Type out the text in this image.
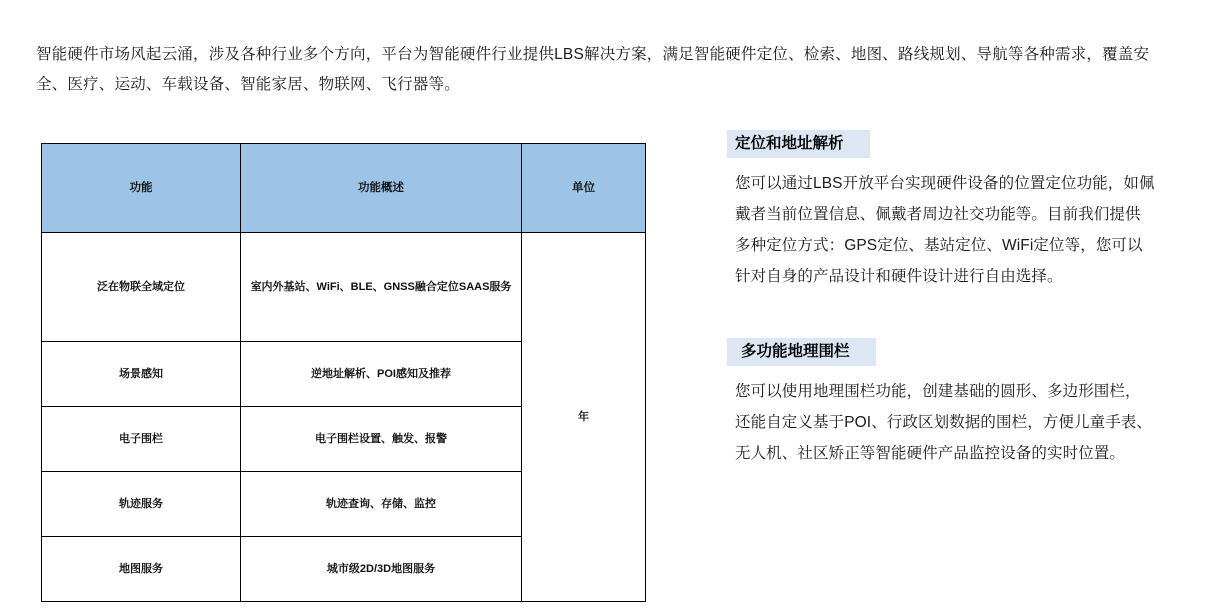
智能硬件市场风起云涌，涉及各种行业多个方向，平台为智能硬件行业提供LBS解决方案，满足智能硬件定位、检索、地图、路线规划、导航等各种需求，覆盖安全、医疗、运动、车载设备、智能家居、物联网、飞行器等。

功能	功能概述	单位
泛在物联全域定位	室内外基站、WiFi、BLE、GNSS融合定位SAAS服务	年
场景感知	逆地址解析、POI感知及推荐	
电子围栏	电子围栏设置、触发、报警	
轨迹服务	轨迹查询、存储、监控	
地图服务	城市级2D/3D地图服务	
定位和地址解析

您可以通过LBS开放平台实现硬件设备的位置定位功能，如佩戴者当前位置信息、佩戴者周边社交功能等。目前我们提供多种定位方式：GPS定位、基站定位、WiFi定位等，您可以针对自身的产品设计和硬件设计进行自由选择。

多功能地理围栏

您可以使用地理围栏功能，创建基础的圆形、多边形围栏，还能自定义基于POI、行政区划数据的围栏，方便儿童手表、无人机、社区矫正等智能硬件产品监控设备的实时位置。
